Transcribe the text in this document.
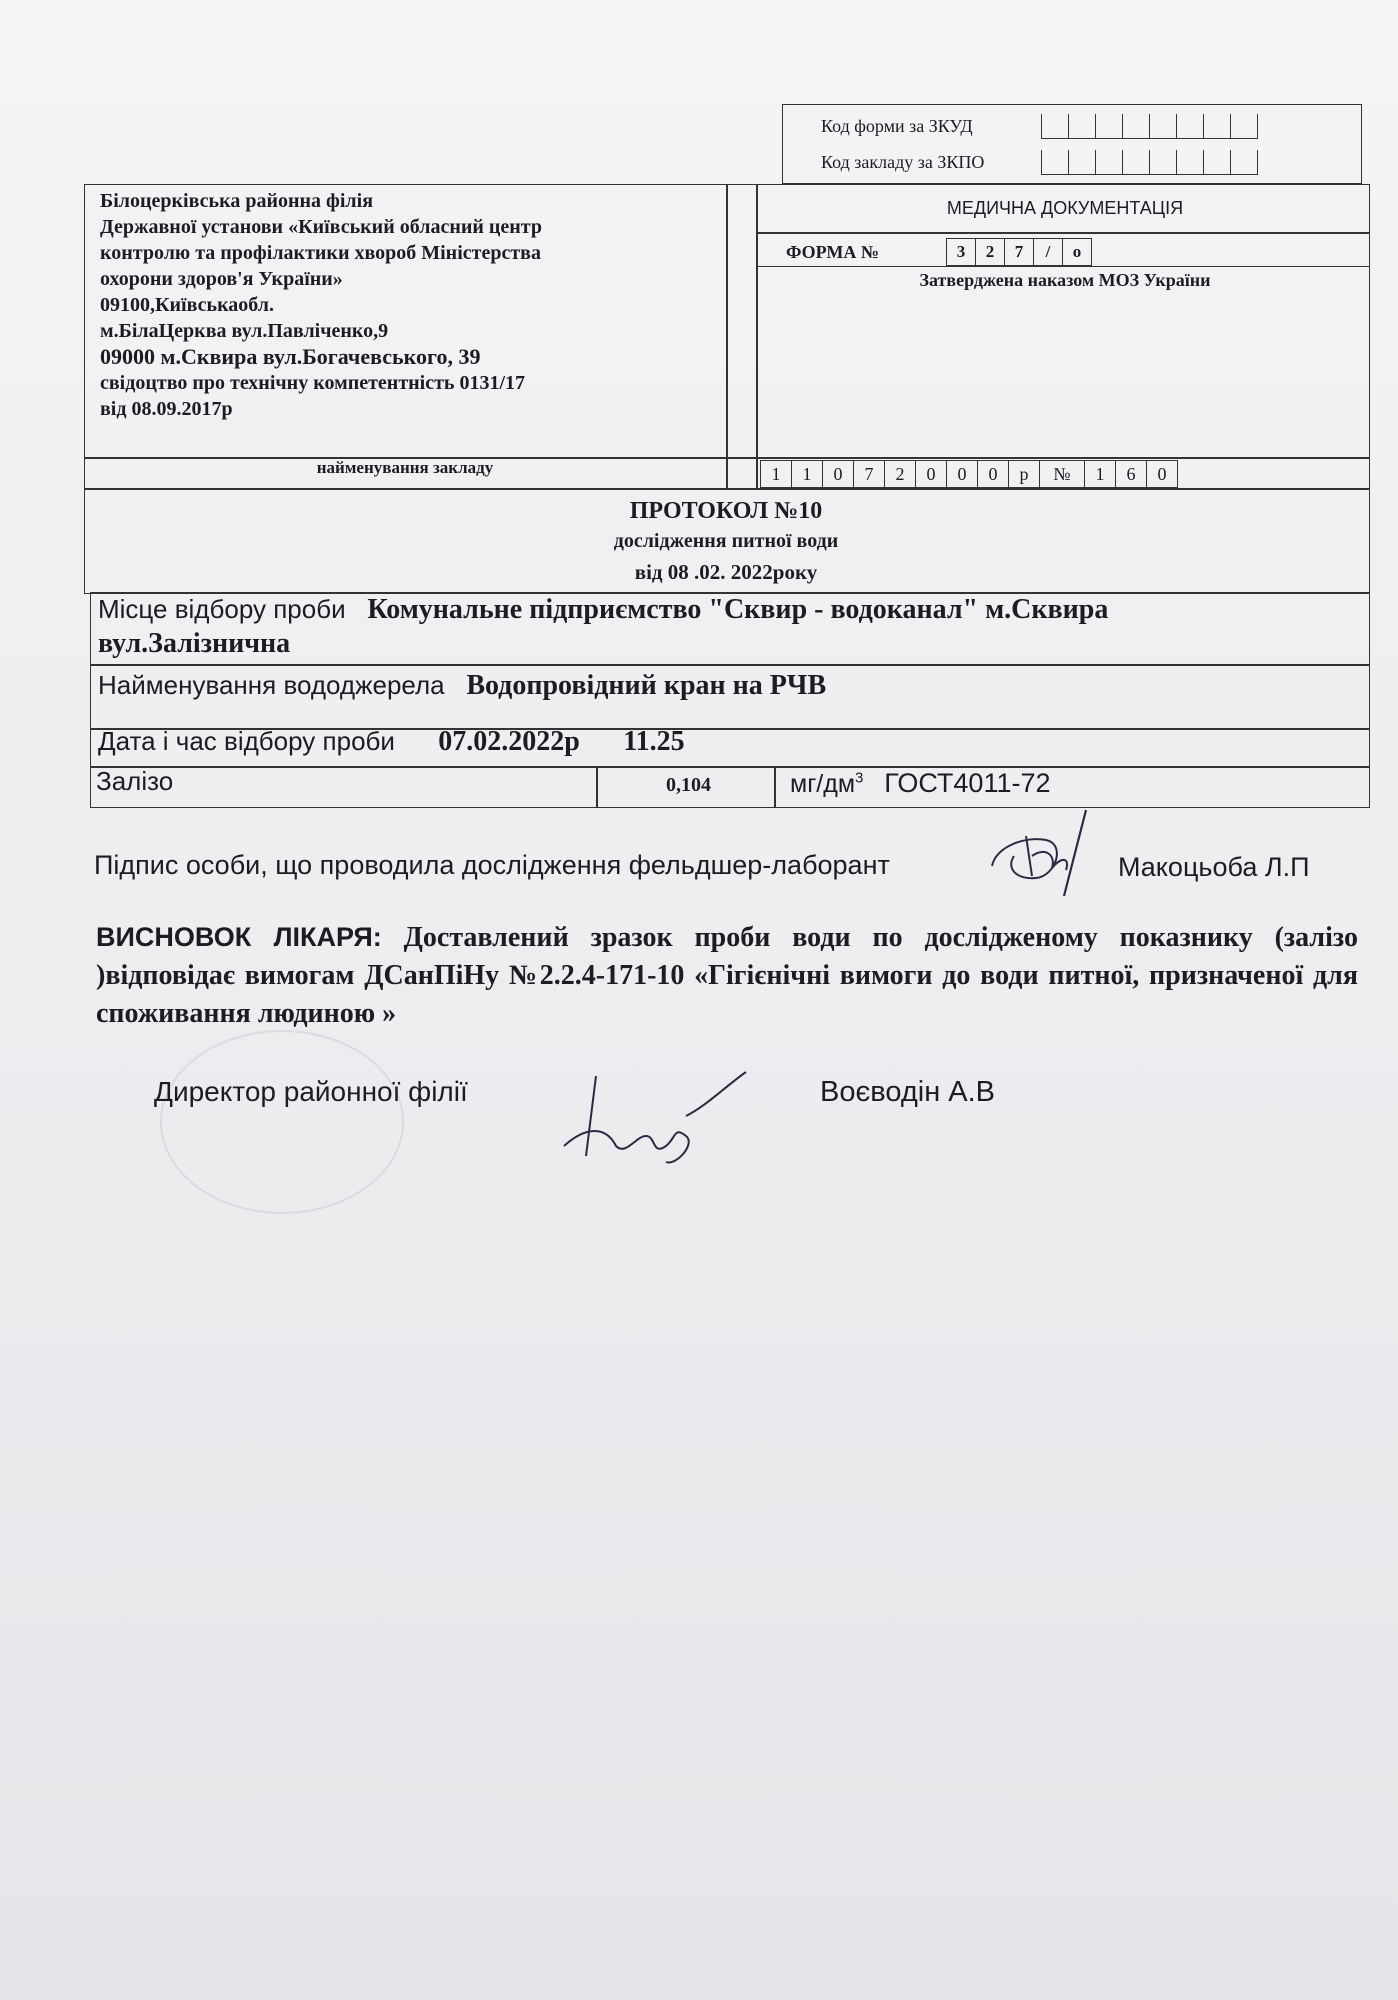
Код форми за ЗКУД
Код закладу за ЗКПО
Білоцерківська районна філія
Державної установи «Київський обласний центр
контролю та профілактики хвороб Міністерства
охорони здоров'я України»
09100,Київськаобл.
м.БілаЦерква вул.Павліченко,9
09000 м.Сквира вул.Богачевського, 39
свідоцтво про технічну компетентність 0131/17
від 08.09.2017р
найменування закладу
МЕДИЧНА ДОКУМЕНТАЦІЯ
ФОРМА №	3	2	7	/	о
Затверджена наказом МОЗ України
1	1	0	7	2	0	0	0	р	№	1	6	0
ПРОТОКОЛ №10
дослідження питної води
від 08 .02. 2022року
Місце відбору проби Комунальне підприємство "Сквир - водоканал" м.Сквира
вул.Залізнична
Найменування вододжерела Водопровідний кран на РЧВ
Дата і час відбору проби 07.02.2022р 11.25
Залізо	0,104	$мг/дм^3$ ГОСТ4011-72
Підпис особи, що проводила дослідження фельдшер-лаборант	Макоцьоба Л.П
ВИСНОВОК ЛІКАРЯ: Доставлений зразок проби води по дослідженому показнику (залізо )відповідає вимогам ДСанПіНу №2.2.4-171-10 «Гігієнічні вимоги до води питної, призначеної для споживання людиною »
Директор районної філії	Воєводін А.В
